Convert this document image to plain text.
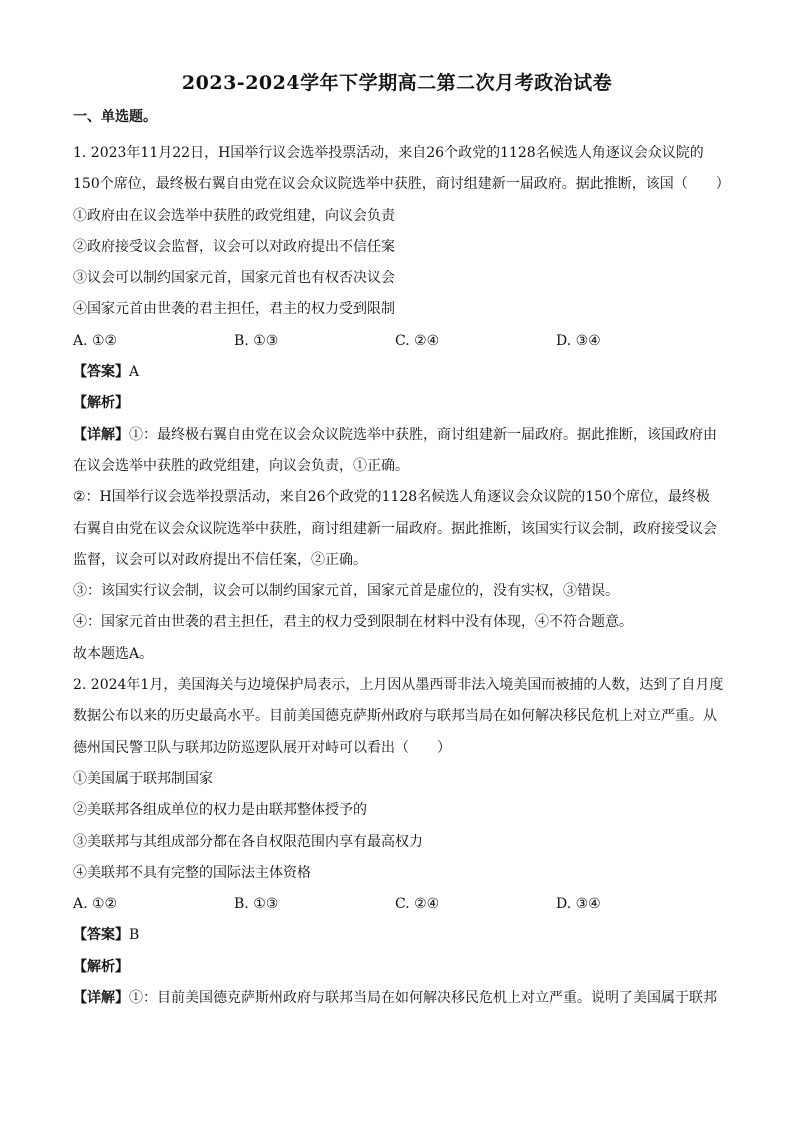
2023-2024学年下学期高二第二次月考政治试卷
一、单选题。

1. 2023年11月22日，H国举行议会选举投票活动，来自26个政党的1128名候选人角逐议会众议院的

150个席位，最终极右翼自由党在议会众议院选举中获胜，商讨组建新一届政府。据此推断，该国（　　）

①政府由在议会选举中获胜的政党组建，向议会负责

②政府接受议会监督，议会可以对政府提出不信任案

③议会可以制约国家元首，国家元首也有权否决议会

④国家元首由世袭的君主担任，君主的权力受到限制

A. ①②	B. ①③	C. ②④	D. ③④

【答案】A

【解析】

【详解】①：最终极右翼自由党在议会众议院选举中获胜，商讨组建新一届政府。据此推断，该国政府由

在议会选举中获胜的政党组建，向议会负责，①正确。

②：H国举行议会选举投票活动，来自26个政党的1128名候选人角逐议会众议院的150个席位，最终极

右翼自由党在议会众议院选举中获胜，商讨组建新一届政府。据此推断，该国实行议会制，政府接受议会

监督，议会可以对政府提出不信任案，②正确。

③：该国实行议会制，议会可以制约国家元首，国家元首是虚位的，没有实权，③错误。

④：国家元首由世袭的君主担任，君主的权力受到限制在材料中没有体现，④不符合题意。

故本题选A。

2. 2024年1月，美国海关与边境保护局表示，上月因从墨西哥非法入境美国而被捕的人数，达到了自月度

数据公布以来的历史最高水平。目前美国德克萨斯州政府与联邦当局在如何解决移民危机上对立严重。从

德州国民警卫队与联邦边防巡逻队展开对峙可以看出（　　）

①美国属于联邦制国家

②美联邦各组成单位的权力是由联邦整体授予的

③美联邦与其组成部分都在各自权限范围内享有最高权力

④美联邦不具有完整的国际法主体资格

A. ①②	B. ①③	C. ②④	D. ③④

【答案】B

【解析】

【详解】①：目前美国德克萨斯州政府与联邦当局在如何解决移民危机上对立严重。说明了美国属于联邦
